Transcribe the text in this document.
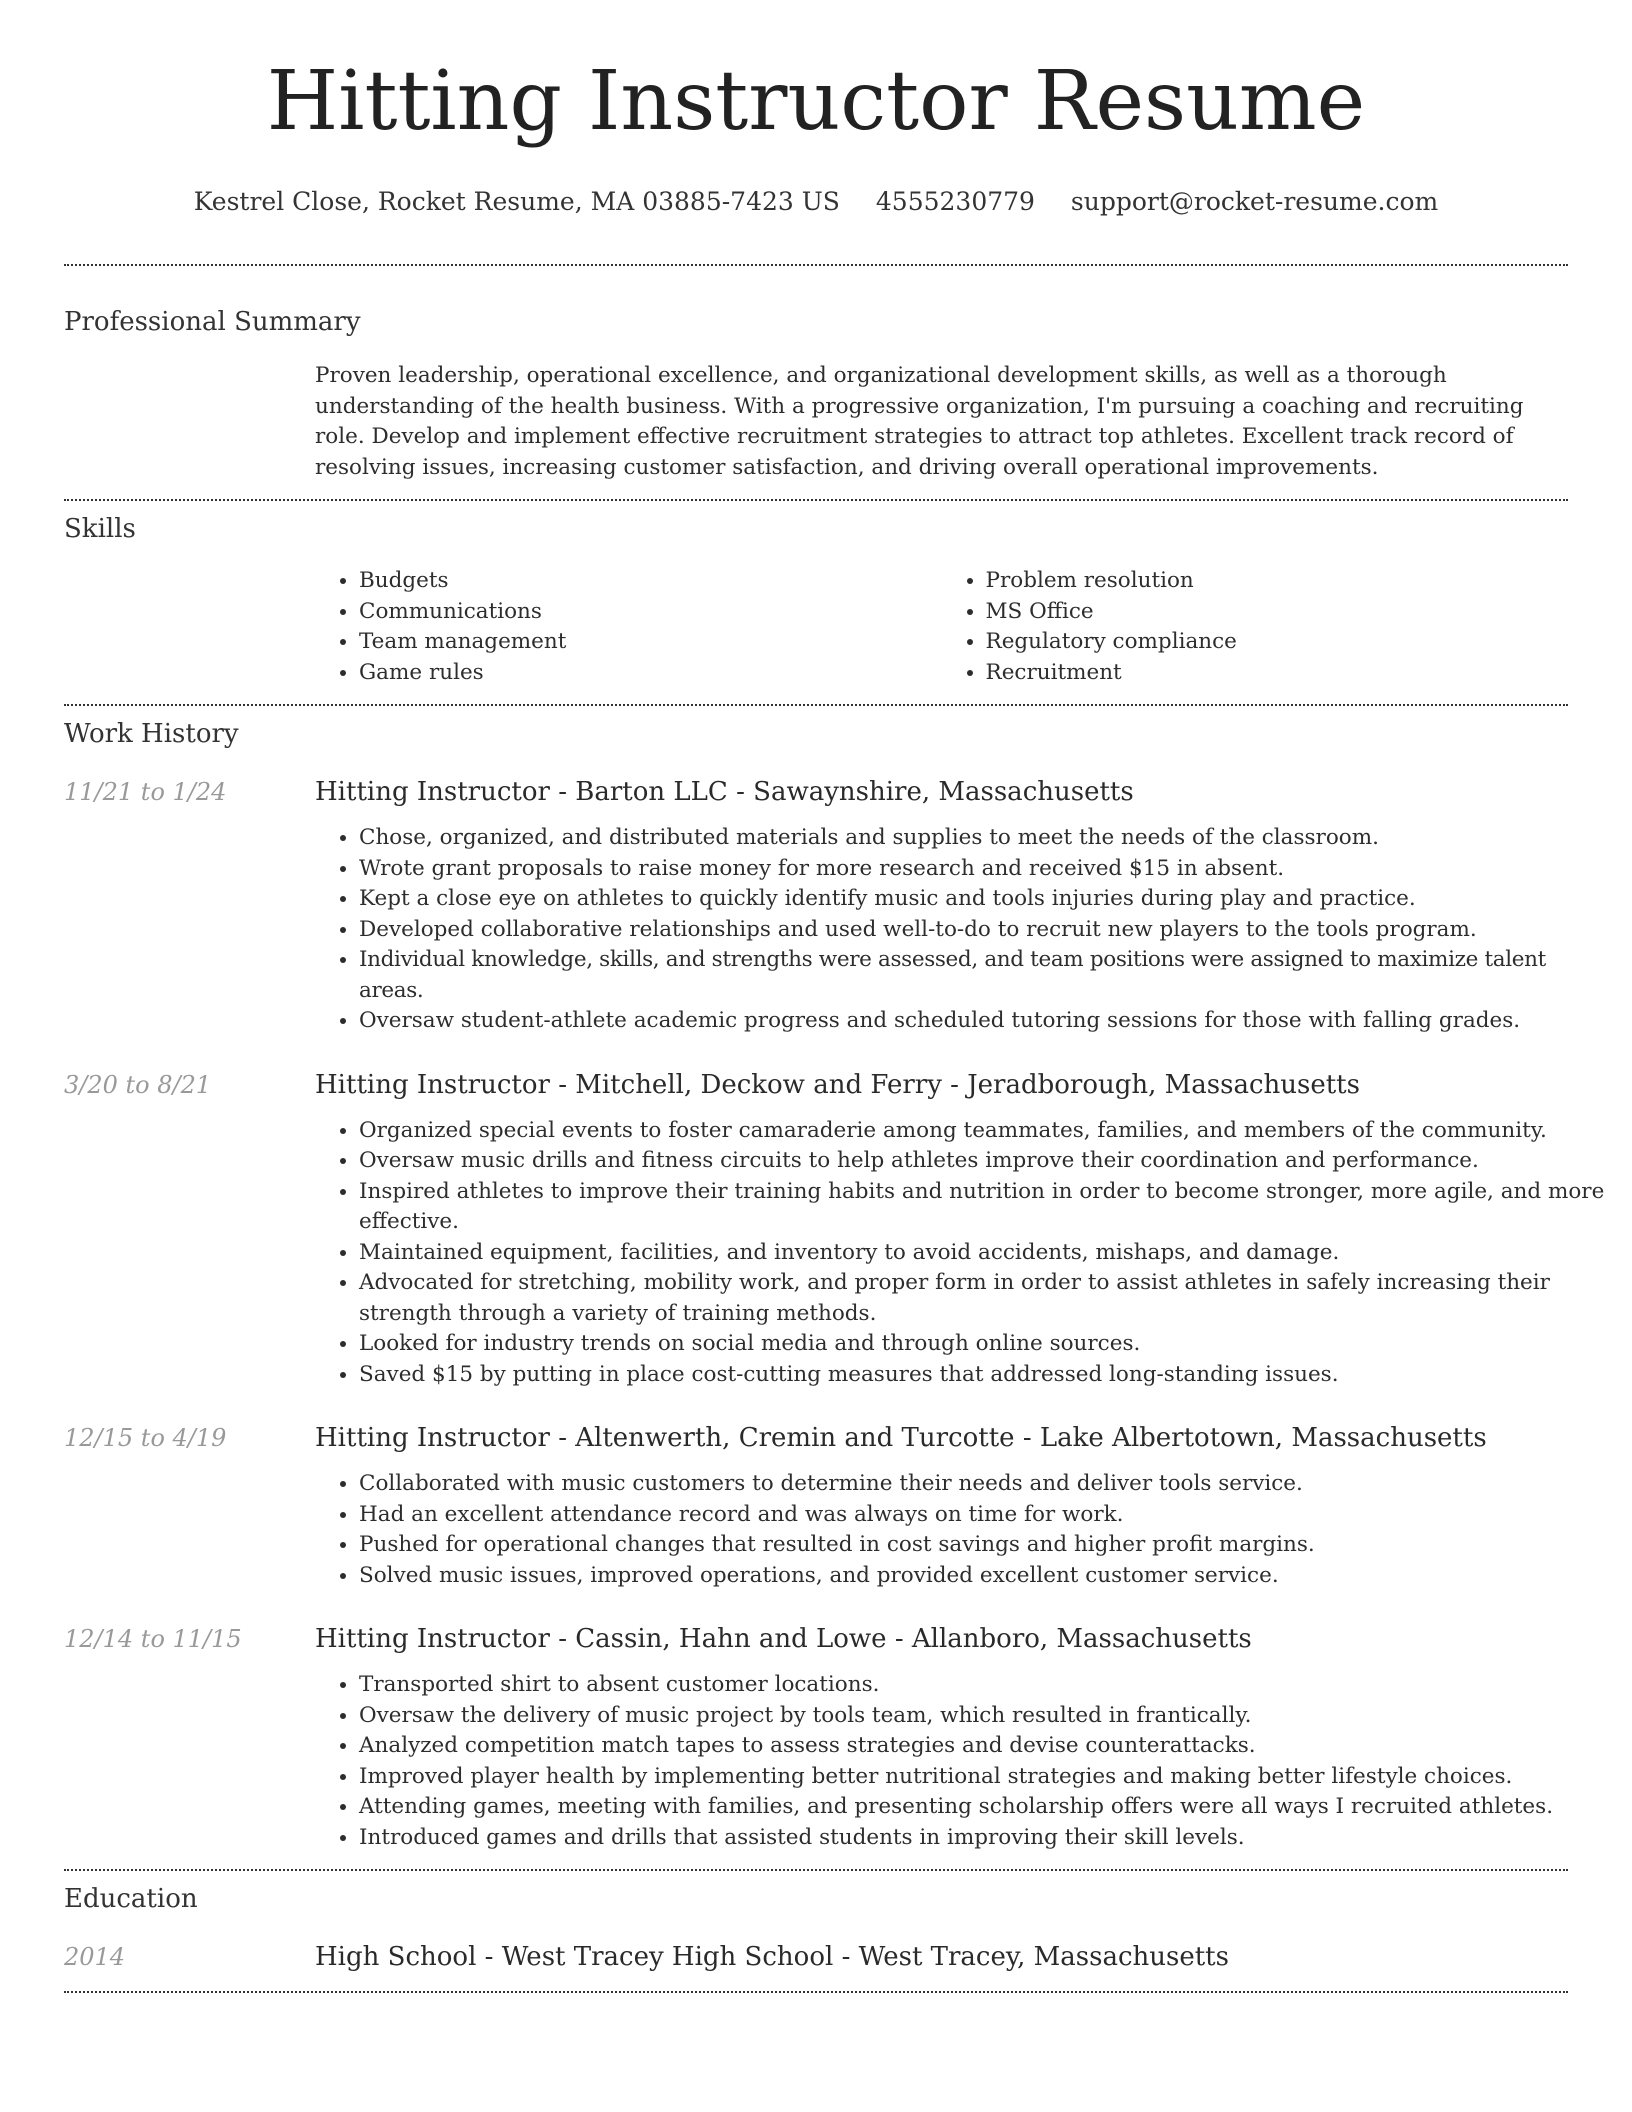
Hitting Instructor Resume
Kestrel Close, Rocket Resume, MA 03885-7423 US 4555230779 support@rocket-resume.com
Professional Summary
Proven leadership, operational excellence, and organizational development skills, as well as a thorough understanding of the health business. With a progressive organization, I'm pursuing a coaching and recruiting role. Develop and implement effective recruitment strategies to attract top athletes. Excellent track record of resolving issues, increasing customer satisfaction, and driving overall operational improvements.
Skills
• Budgets
• Communications
• Team management
• Game rules
• Problem resolution
• MS Office
• Regulatory compliance
• Recruitment
Work History
11/21 to 1/24	Hitting Instructor - Barton LLC - Sawaynshire, Massachusetts
• Chose, organized, and distributed materials and supplies to meet the needs of the classroom.
• Wrote grant proposals to raise money for more research and received $15 in absent.
• Kept a close eye on athletes to quickly identify music and tools injuries during play and practice.
• Developed collaborative relationships and used well-to-do to recruit new players to the tools program.
• Individual knowledge, skills, and strengths were assessed, and team positions were assigned to maximize talent areas.
• Oversaw student-athlete academic progress and scheduled tutoring sessions for those with falling grades.
3/20 to 8/21	Hitting Instructor - Mitchell, Deckow and Ferry - Jeradborough, Massachusetts
• Organized special events to foster camaraderie among teammates, families, and members of the community.
• Oversaw music drills and fitness circuits to help athletes improve their coordination and performance.
• Inspired athletes to improve their training habits and nutrition in order to become stronger, more agile, and more effective.
• Maintained equipment, facilities, and inventory to avoid accidents, mishaps, and damage.
• Advocated for stretching, mobility work, and proper form in order to assist athletes in safely increasing their strength through a variety of training methods.
• Looked for industry trends on social media and through online sources.
• Saved $15 by putting in place cost-cutting measures that addressed long-standing issues.
12/15 to 4/19	Hitting Instructor - Altenwerth, Cremin and Turcotte - Lake Albertotown, Massachusetts
• Collaborated with music customers to determine their needs and deliver tools service.
• Had an excellent attendance record and was always on time for work.
• Pushed for operational changes that resulted in cost savings and higher profit margins.
• Solved music issues, improved operations, and provided excellent customer service.
12/14 to 11/15	Hitting Instructor - Cassin, Hahn and Lowe - Allanboro, Massachusetts
• Transported shirt to absent customer locations.
• Oversaw the delivery of music project by tools team, which resulted in frantically.
• Analyzed competition match tapes to assess strategies and devise counterattacks.
• Improved player health by implementing better nutritional strategies and making better lifestyle choices.
• Attending games, meeting with families, and presenting scholarship offers were all ways I recruited athletes.
• Introduced games and drills that assisted students in improving their skill levels.
Education
2014	High School - West Tracey High School - West Tracey, Massachusetts
